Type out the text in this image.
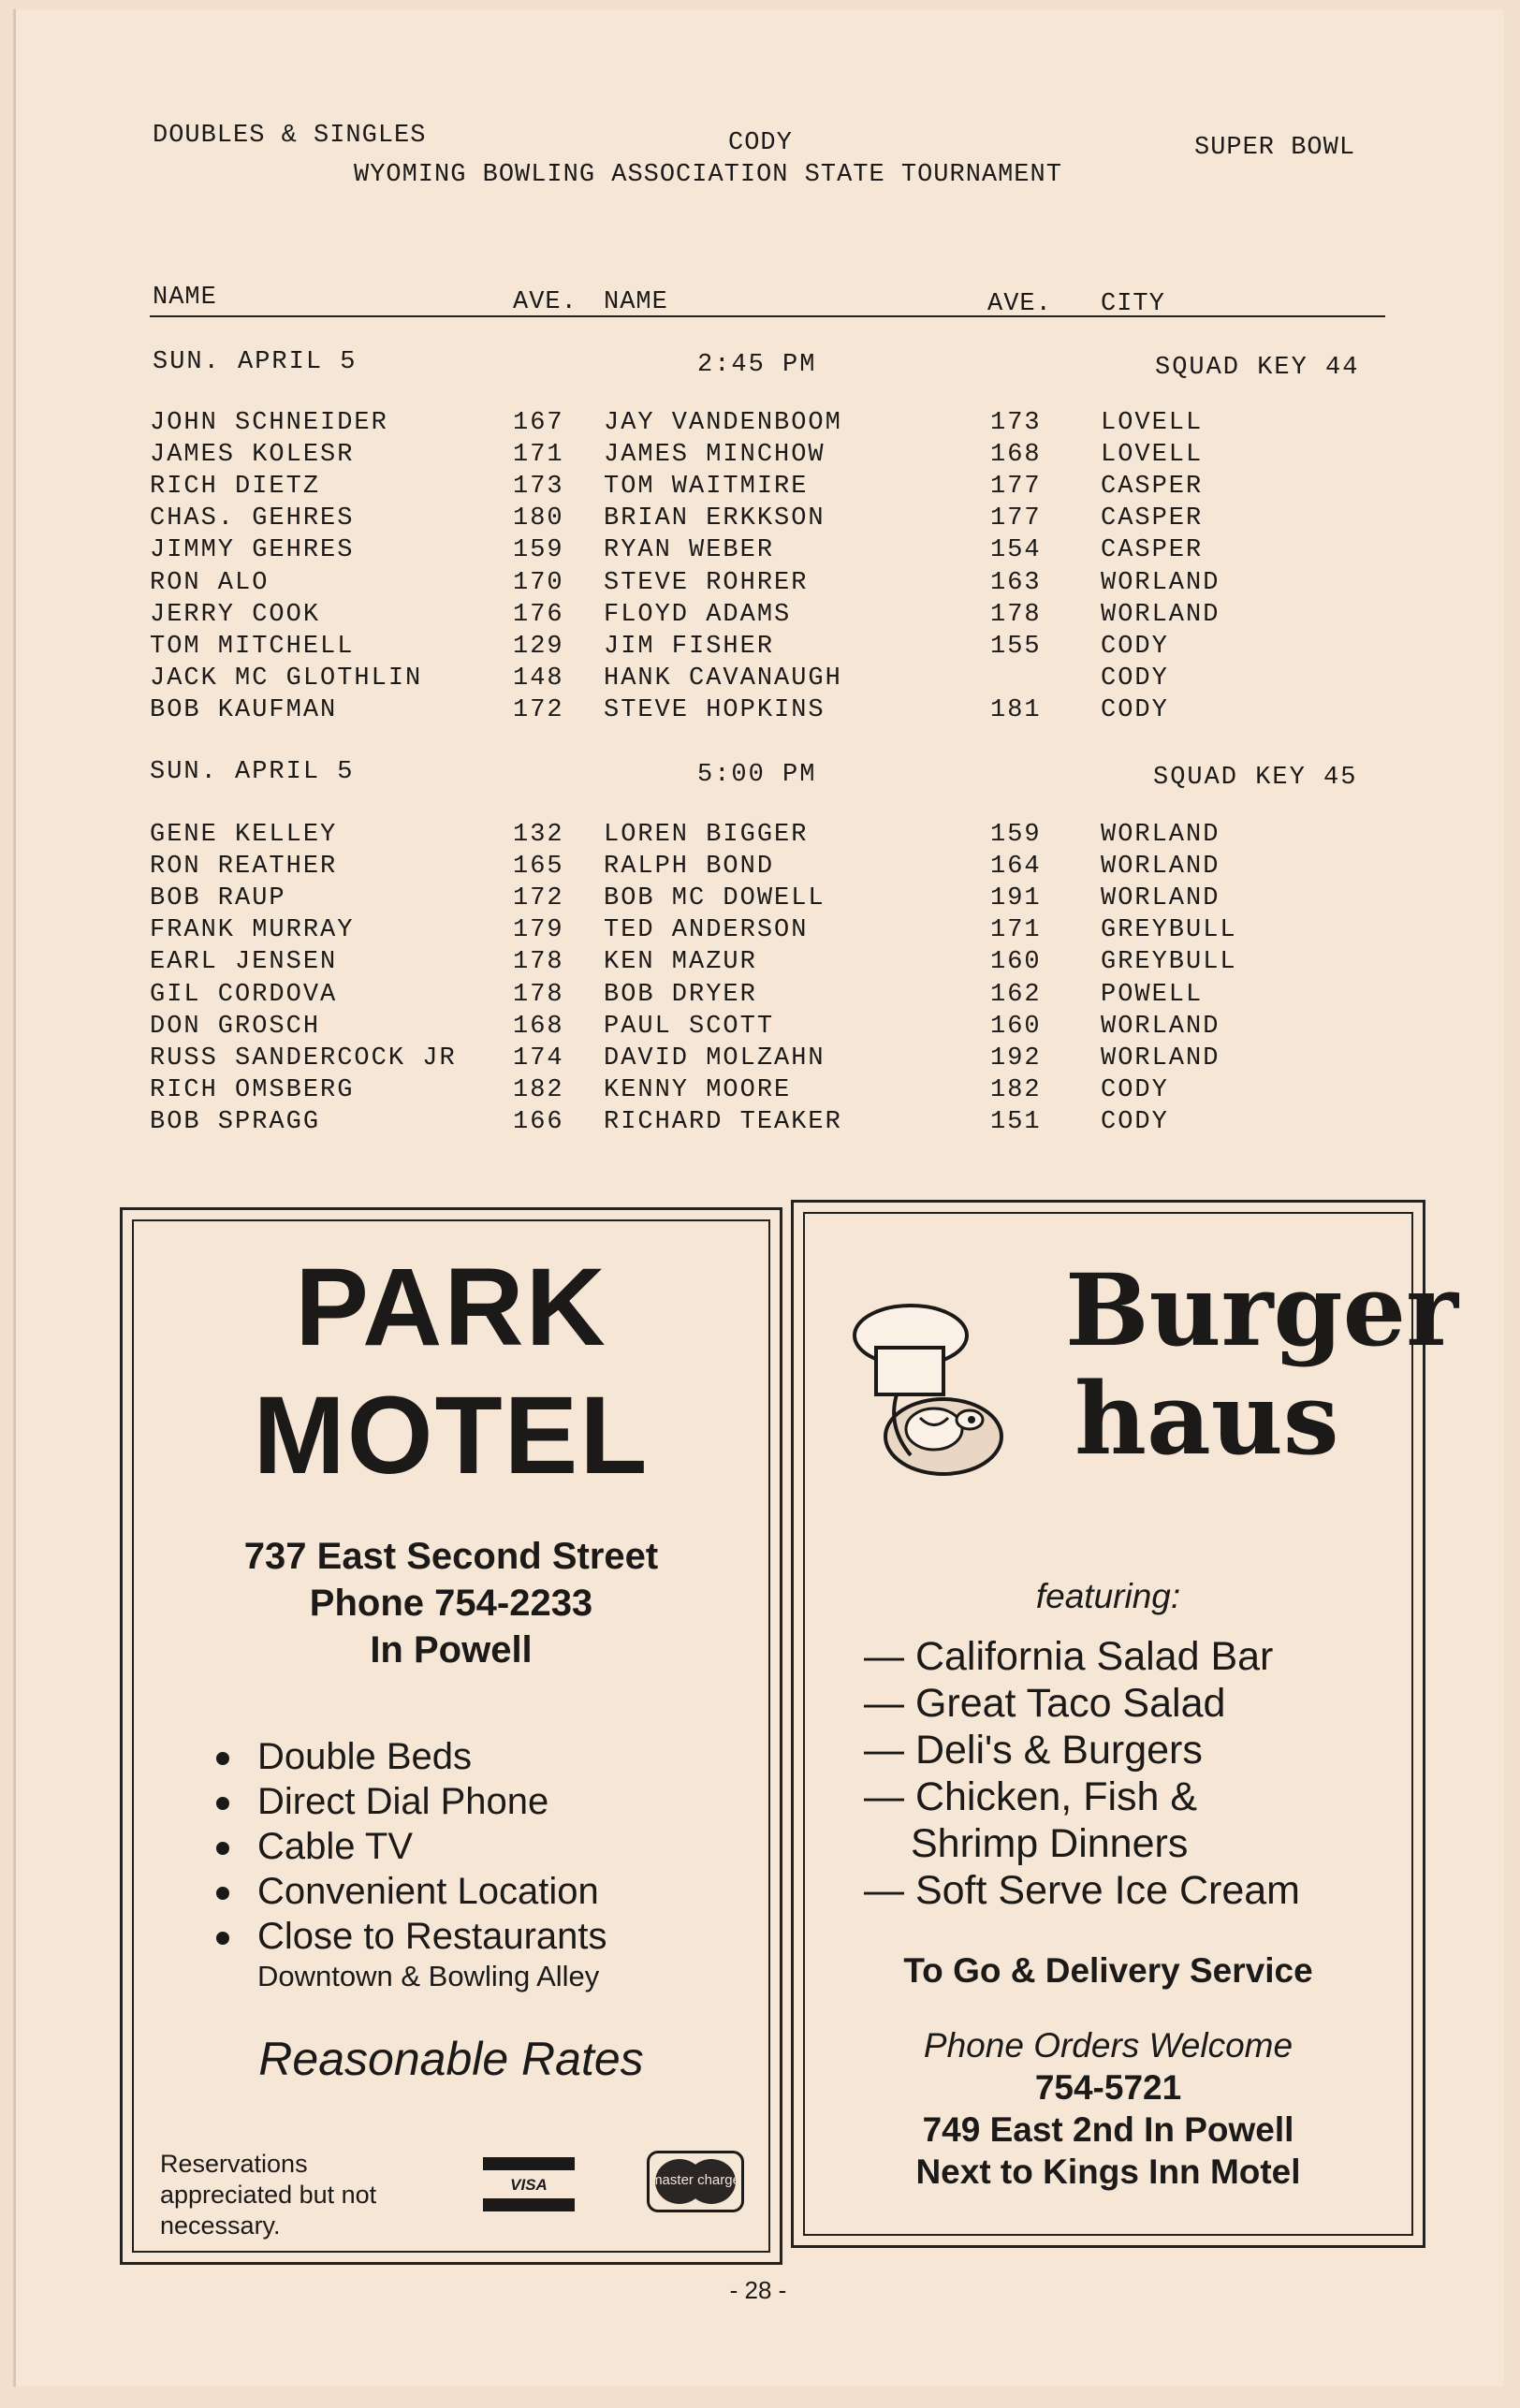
DOUBLES & SINGLES	CODY	SUPER BOWL
WYOMING BOWLING ASSOCIATION STATE TOURNAMENT
NAME	AVE. NAME	AVE. CITY
SUN. APRIL 5	2:45 PM	SQUAD KEY 44
JOHN SCHNEIDER	167 JAY VANDENBOOM	173 LOVELL
JAMES KOLESR	171 JAMES MINCHOW	168 LOVELL
RICH DIETZ	173 TOM WAITMIRE	177 CASPER
CHAS. GEHRES	180 BRIAN ERKKSON	177 CASPER
JIMMY GEHRES	159 RYAN WEBER	154 CASPER
RON ALO	170 STEVE ROHRER	163 WORLAND
JERRY COOK	176 FLOYD ADAMS	178 WORLAND
TOM MITCHELL	129 JIM FISHER	155 CODY
JACK MC GLOTHLIN	148 HANK CAVANAUGH	CODY
BOB KAUFMAN	172 STEVE HOPKINS	181 CODY
SUN. APRIL 5	5:00 PM	SQUAD KEY 45
GENE KELLEY	132 LOREN BIGGER	159 WORLAND
RON REATHER	165 RALPH BOND	164 WORLAND
BOB RAUP	172 BOB MC DOWELL	191 WORLAND
FRANK MURRAY	179 TED ANDERSON	171 GREYBULL
EARL JENSEN	178 KEN MAZUR	160 GREYBULL
GIL CORDOVA	178 BOB DRYER	162 POWELL
DON GROSCH	168 PAUL SCOTT	160 WORLAND
RUSS SANDERCOCK JR 174 DAVID MOLZAHN	192 WORLAND
RICH OMSBERG	182 KENNY MOORE	182 CODY
BOB SPRAGG	166 RICHARD TEAKER	151 CODY
PARK
MOTEL
737 East Second Street
Phone 754-2233
In Powell
Double Beds
Direct Dial Phone
Cable TV
Convenient Location
Close to Restaurants
Downtown & Bowling Alley
Reasonable Rates
Reservations
appreciated but not
necessary.
VISA	master charge
Burger
haus
featuring:
— California Salad Bar
— Great Taco Salad
— Deli's & Burgers
— Chicken, Fish &
Shrimp Dinners
— Soft Serve Ice Cream
To Go & Delivery Service
Phone Orders Welcome
754-5721
749 East 2nd In Powell
Next to Kings Inn Motel
- 28 -
